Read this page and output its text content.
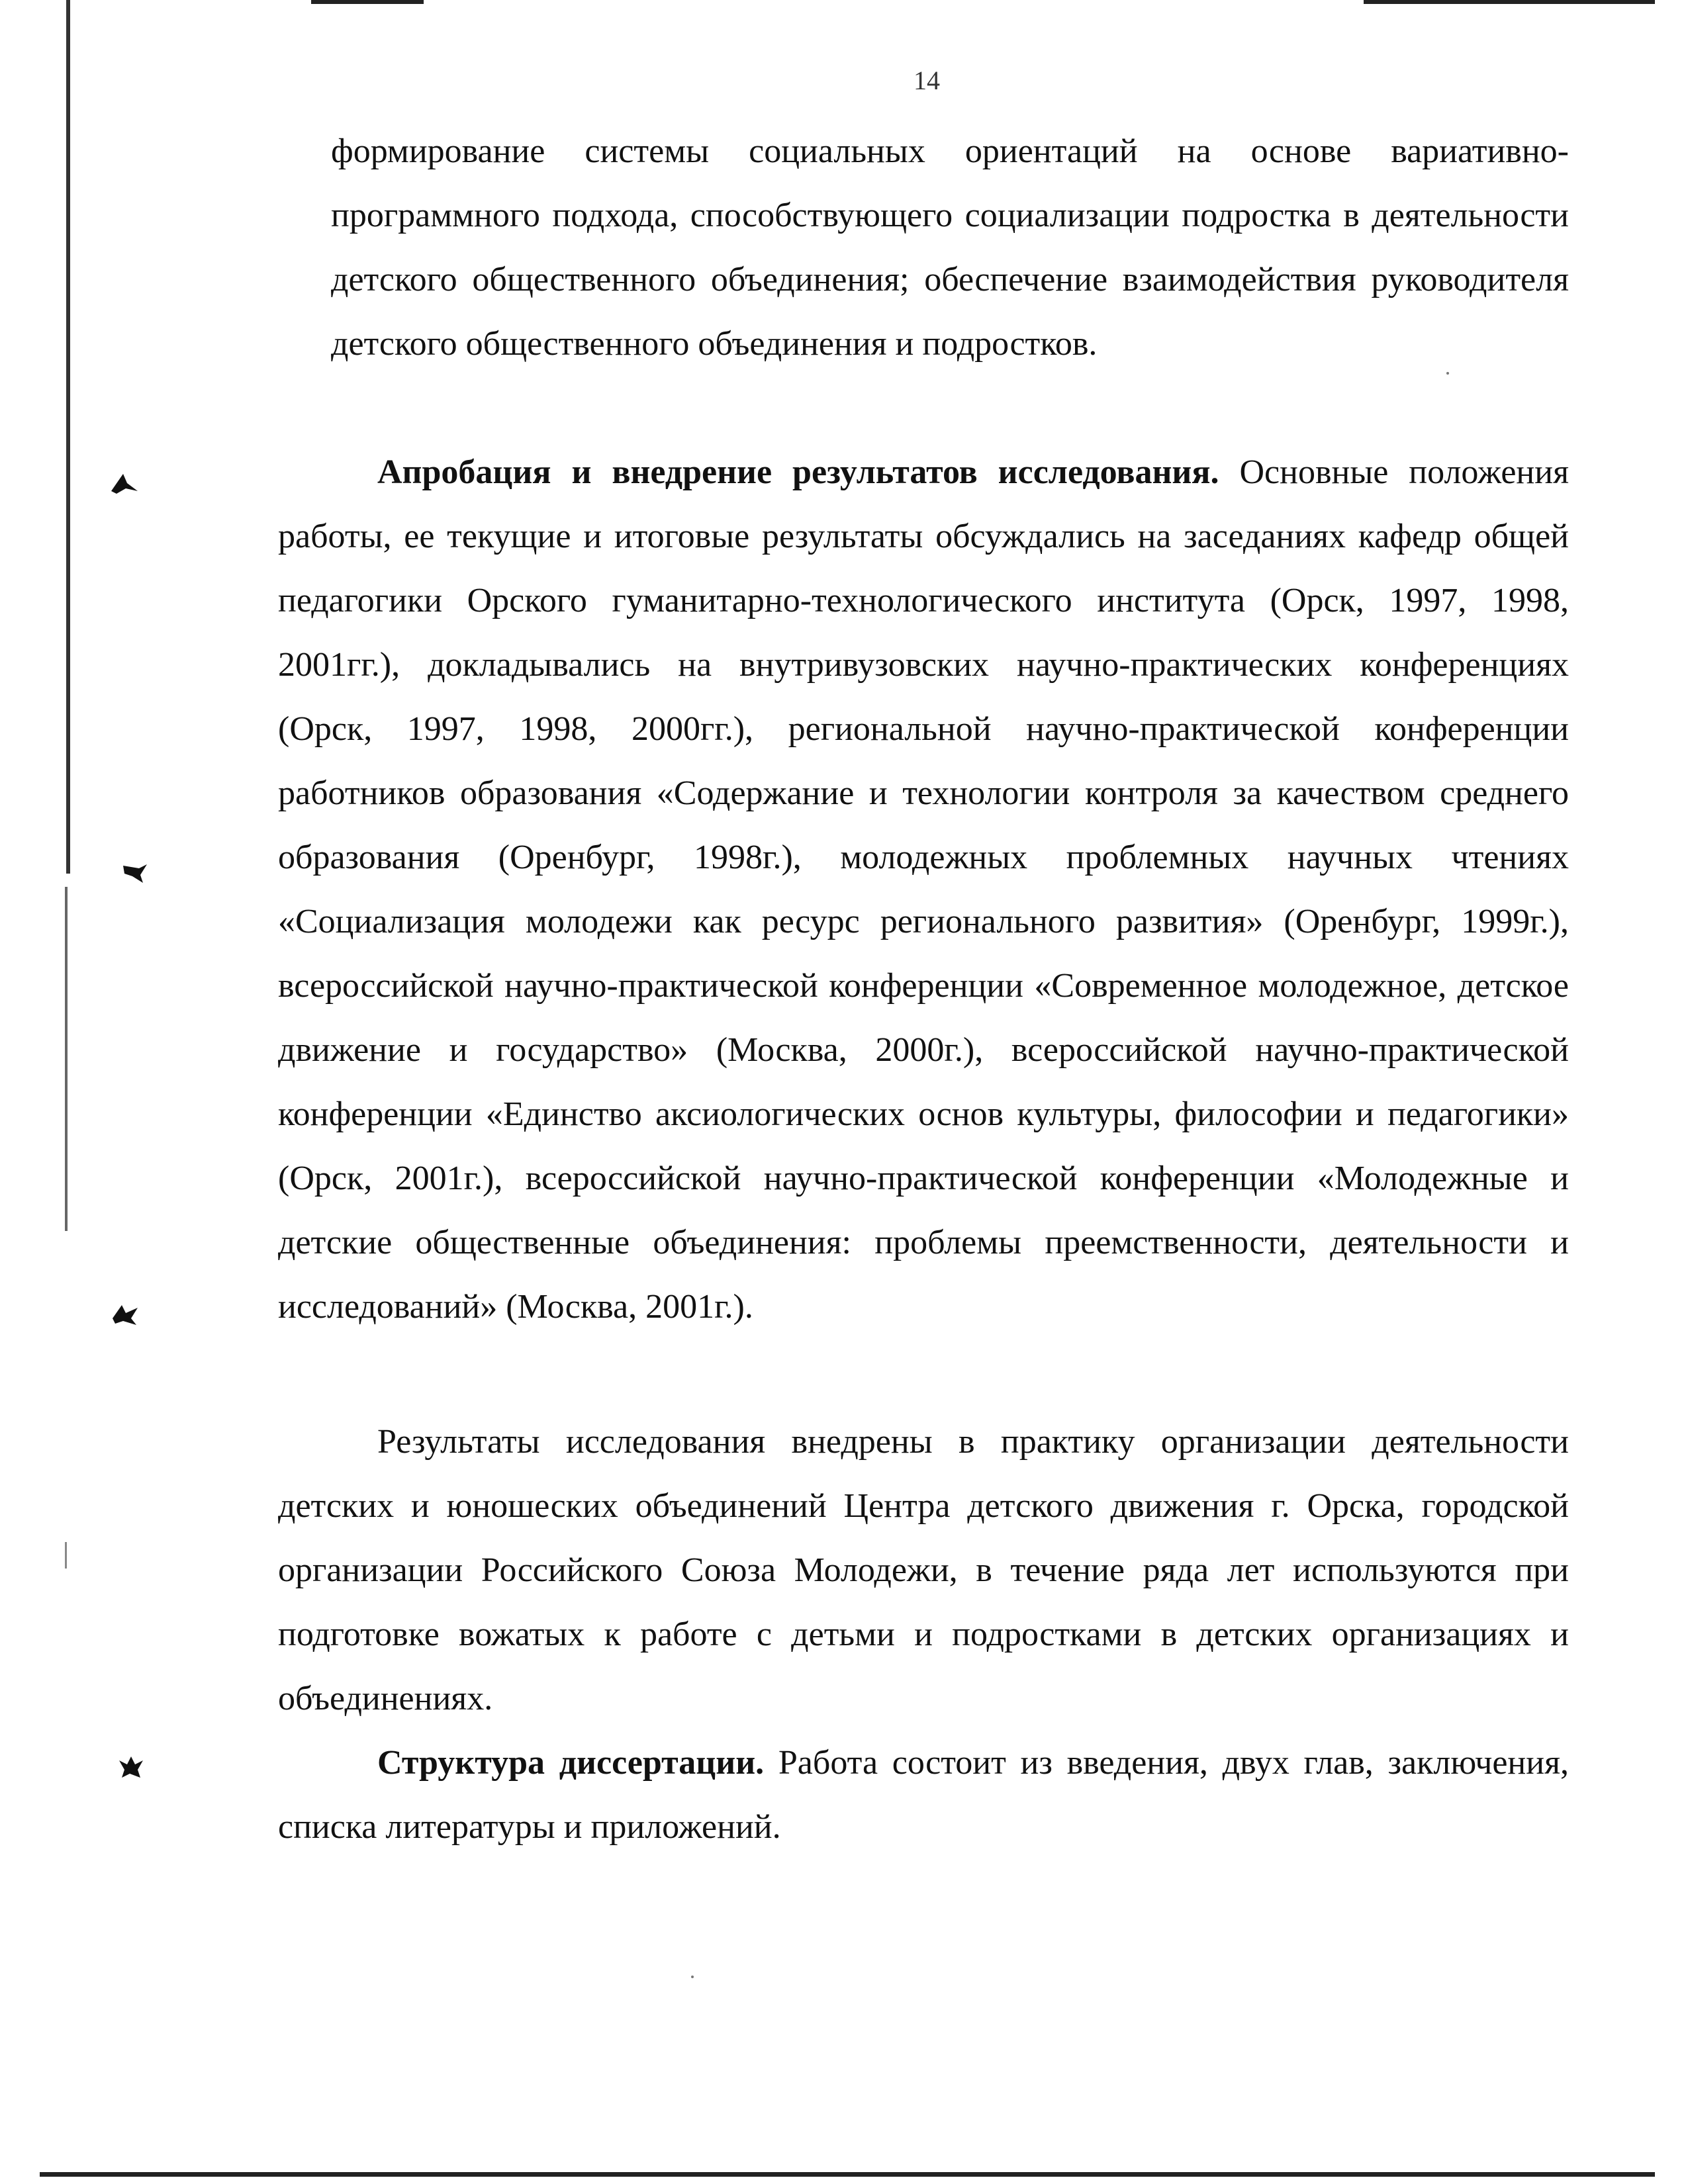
14

формирование системы социальных ориентаций на основе вариативно-программного подхода, способствующего социализации подростка в деятельности детского общественного объединения; обеспечение взаимодействия руководителя детского общественного объединения и подростков.

Апробация и внедрение результатов исследования. Основные положения работы, ее текущие и итоговые результаты обсуждались на заседаниях кафедр общей педагогики Орского гуманитарно-технологического института (Орск, 1997, 1998, 2001гг.), докладывались на внутривузовских научно-практических конференциях (Орск, 1997, 1998, 2000гг.), региональной научно-практической конференции работников образования «Содержание и технологии контроля за качеством среднего образования (Оренбург, 1998г.), молодежных проблемных научных чтениях «Социализация молодежи как ресурс регионального развития» (Оренбург, 1999г.), всероссийской научно-практической конференции «Современное молодежное, детское движение и государство» (Москва, 2000г.), всероссийской научно-практической конференции «Единство аксиологических основ культуры, философии и педагогики» (Орск, 2001г.), всероссийской научно-практической конференции «Молодежные и детские общественные объединения: проблемы преемственности, деятельности и исследований» (Москва, 2001г.).

Результаты исследования внедрены в практику организации деятельности детских и юношеских объединений Центра детского движения г. Орска, городской организации Российского Союза Молодежи, в течение ряда лет используются при подготовке вожатых к работе с детьми и подростками в детских организациях и объединениях.

Структура диссертации. Работа состоит из введения, двух глав, заключения, списка литературы и приложений.
